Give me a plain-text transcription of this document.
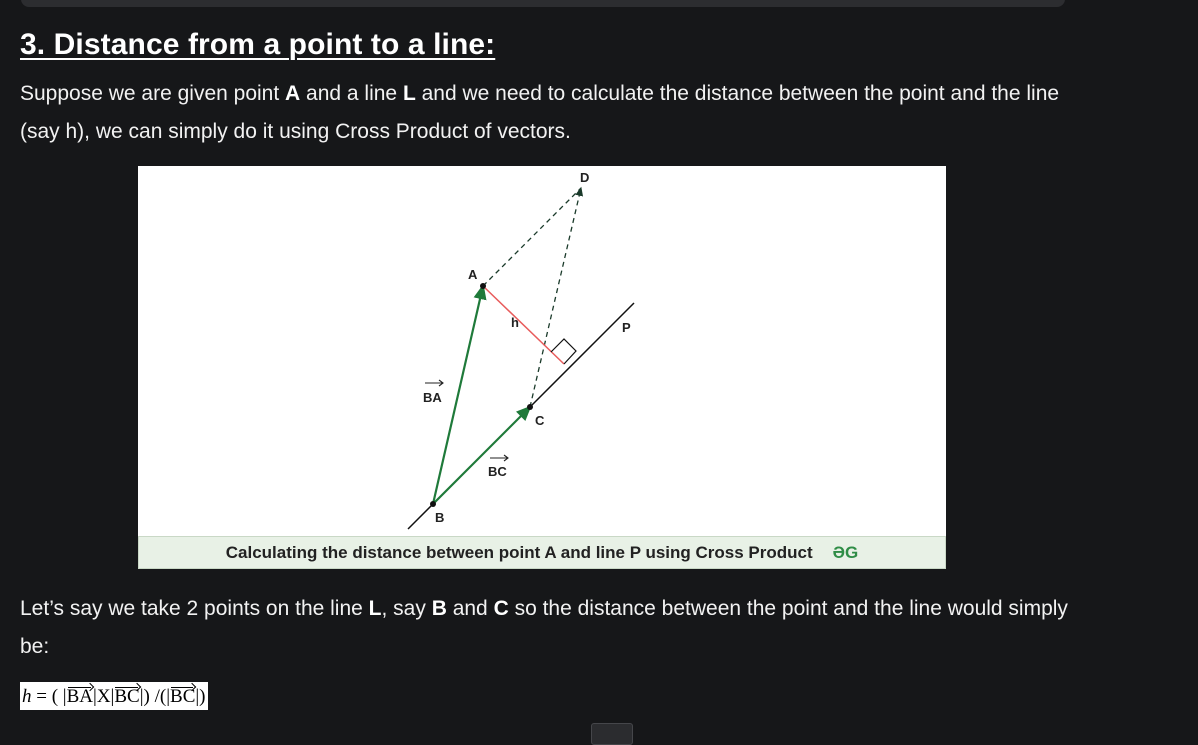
3. Distance from a point to a line:

Suppose we are given point A and a line L and we need to calculate the distance between the point and the line (say h), we can simply do it using Cross Product of vectors.

A
B
C
D
P
h
BA
BC
Calculating the distance between point A and line P using Cross Product ƏG

Let’s say we take 2 points on the line L, say B and C so the distance between the point and the line would simply be:

h = ( |BA|X|BC|) /(|BC|)
